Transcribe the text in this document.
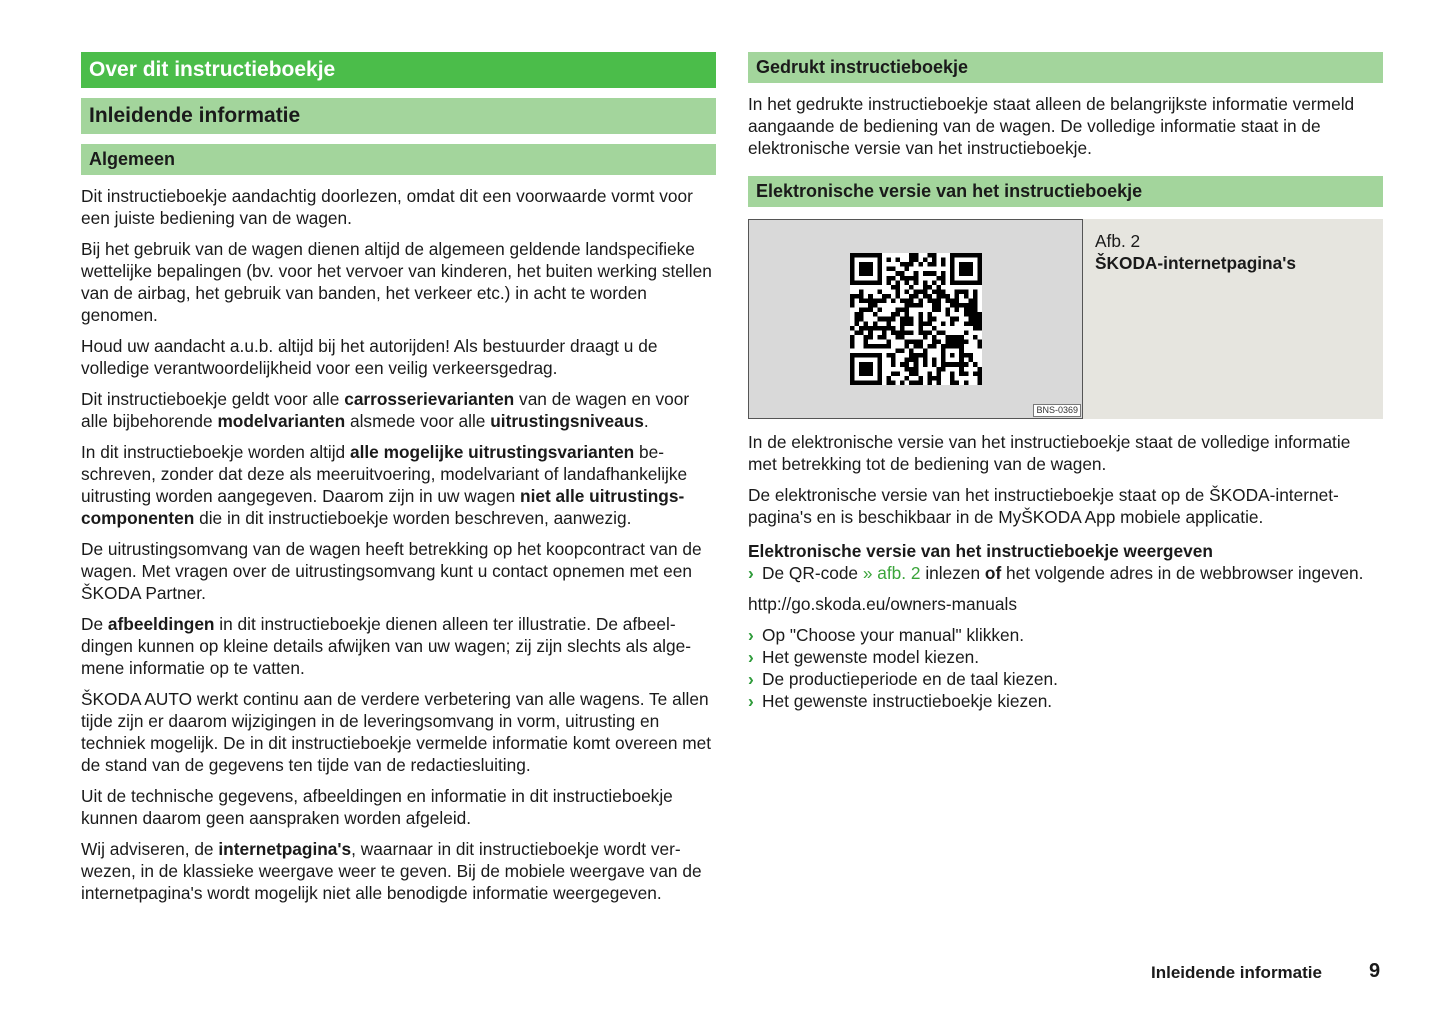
Over dit instructieboekje
Inleidende informatie
Algemeen

Dit instructieboekje aandachtig doorlezen, omdat dit een voorwaarde vormt voor een juiste bediening van de wagen.

Bij het gebruik van de wagen dienen altijd de algemeen geldende landspecifieke wettelijke bepalingen (bv. voor het vervoer van kinderen, het buiten werking stellen van de airbag, het gebruik van banden, het verkeer etc.) in acht te worden genomen.

Houd uw aandacht a.u.b. altijd bij het autorijden! Als bestuurder draagt u de volledige verantwoordelijkheid voor een veilig verkeersgedrag.

Dit instructieboekje geldt voor alle carrosserievarianten van de wagen en voor alle bijbehorende modelvarianten alsmede voor alle uitrustingsniveaus.

In dit instructieboekje worden altijd alle mogelijke uitrustingsvarianten beschreven, zonder dat deze als meeruitvoering, modelvariant of landafhankelijke uitrusting worden aangegeven. Daarom zijn in uw wagen niet alle uitrustingscomponenten die in dit instructieboekje worden beschreven, aanwezig.

De uitrustingsomvang van de wagen heeft betrekking op het koopcontract van de wagen. Met vragen over de uitrustingsomvang kunt u contact opnemen met een ŠKODA Partner.

De afbeeldingen in dit instructieboekje dienen alleen ter illustratie. De afbeeldingen kunnen op kleine details afwijken van uw wagen; zij zijn slechts als algemene informatie op te vatten.

ŠKODA AUTO werkt continu aan de verdere verbetering van alle wagens. Te allen tijde zijn er daarom wijzigingen in de leveringsomvang in vorm, uitrusting en techniek mogelijk. De in dit instructieboekje vermelde informatie komt overeen met de stand van de gegevens ten tijde van de redactiesluiting.

Uit de technische gegevens, afbeeldingen en informatie in dit instructieboekje kunnen daarom geen aanspraken worden afgeleid.

Wij adviseren, de internetpagina's, waarnaar in dit instructieboekje wordt verwezen, in de klassieke weergave weer te geven. Bij de mobiele weergave van de internetpagina's wordt mogelijk niet alle benodigde informatie weergegeven.

Gedrukt instructieboekje

In het gedrukte instructieboekje staat alleen de belangrijkste informatie vermeld aangaande de bediening van de wagen. De volledige informatie staat in de elektronische versie van het instructieboekje.

Elektronische versie van het instructieboekje
BNS-0369
Afb. 2
ŠKODA-internetpagina's

In de elektronische versie van het instructieboekje staat de volledige informatie met betrekking tot de bediening van de wagen.

De elektronische versie van het instructieboekje staat op de ŠKODA-internetpagina's en is beschikbaar in de MyŠKODA App mobiele applicatie.

Elektronische versie van het instructieboekje weergeven

› De QR-code » afb. 2 inlezen of het volgende adres in de webbrowser ingeven.

http://go.skoda.eu/owners-manuals

› Op "Choose your manual" klikken.
› Het gewenste model kiezen.
› De productieperiode en de taal kiezen.
› Het gewenste instructieboekje kiezen.
Inleidende informatie 9
